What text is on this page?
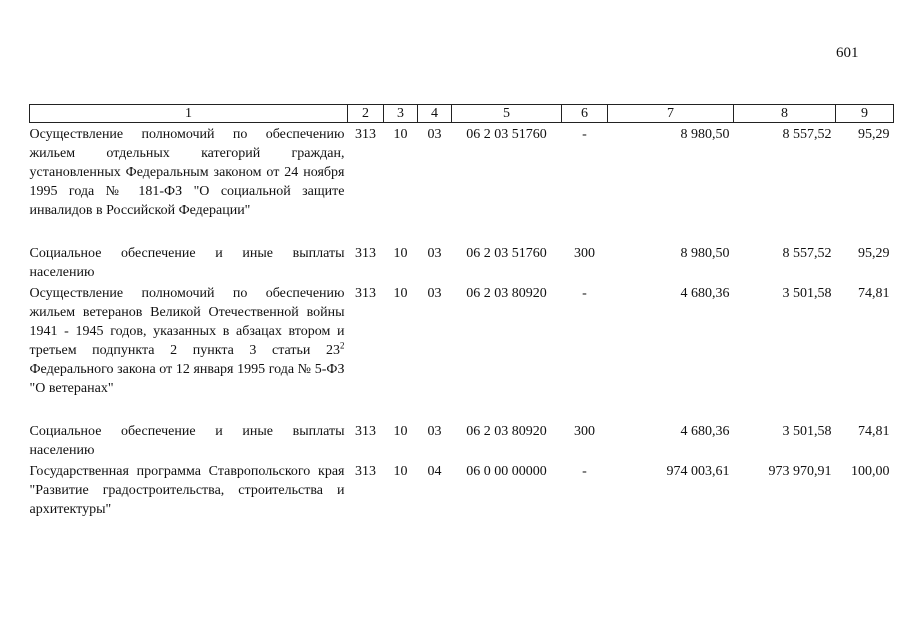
601
1	2	3	4	5	6	7	8	9
Осуществление полномочий по обеспечению жильем отдельных категорий граждан, установленных Федеральным законом от 24 ноября 1995 года № 181-ФЗ "О социальной защите инвалидов в Российской Федерации"	313	10	03	06 2 03 51760	-	8 980,50	8 557,52	95,29

Социальное обеспечение и иные выплаты населению	313	10	03	06 2 03 51760	300	8 980,50	8 557,52	95,29
Осуществление полномочий по обеспечению жильем ветеранов Великой Отечественной войны 1941 - 1945 годов, указанных в абзацах втором и третьем подпункта 2 пункта 3 статьи $23^2$ Федерального закона от 12 января 1995 года № 5-ФЗ "О ветеранах"	313	10	03	06 2 03 80920	-	4 680,36	3 501,58	74,81

Социальное обеспечение и иные выплаты населению	313	10	03	06 2 03 80920	300	4 680,36	3 501,58	74,81
Государственная программа Ставропольского края "Развитие градостроительства, строительства и архитектуры"	313	10	04	06 0 00 00000	-	974 003,61	973 970,91	100,00
